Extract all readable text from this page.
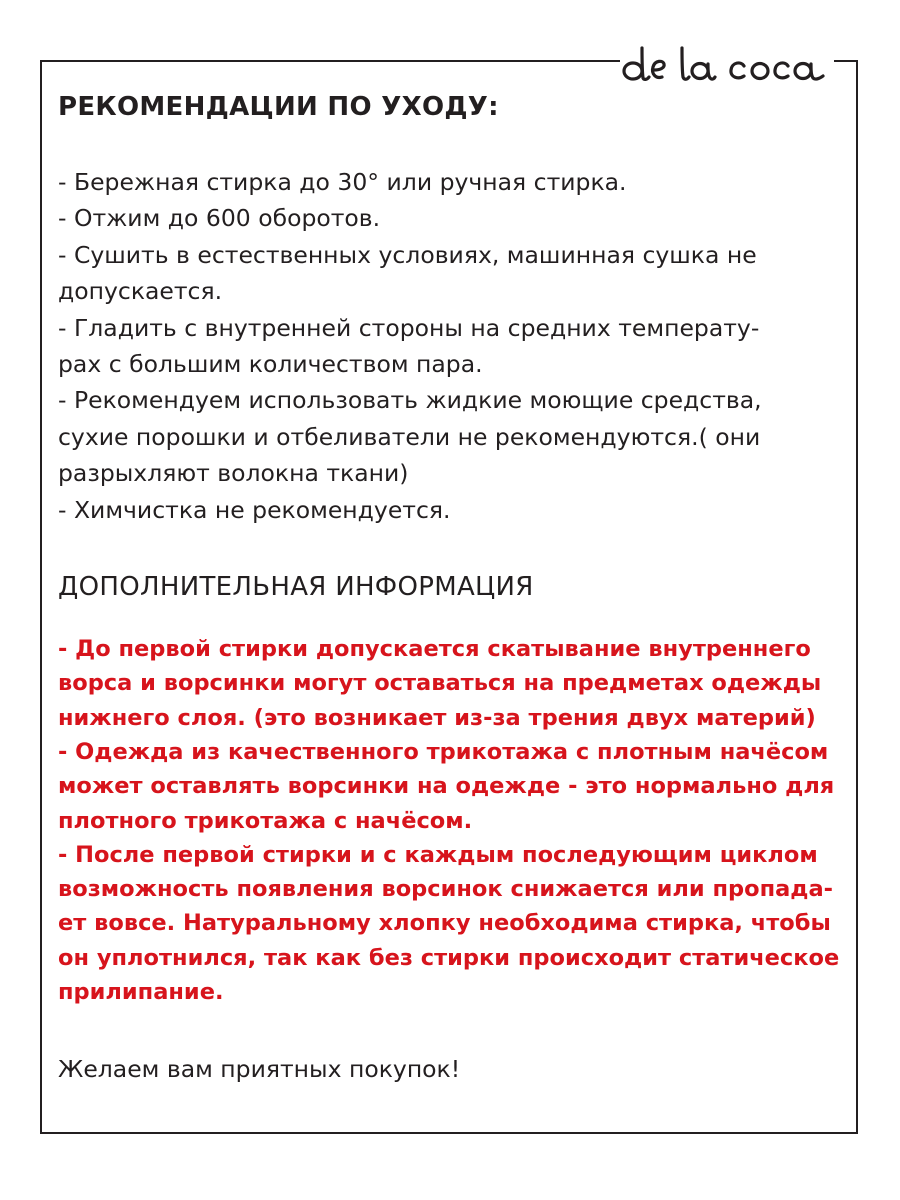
РЕКОМЕНДАЦИИ ПО УХОДУ:
- Бережная стирка до 30° или ручная стирка.
- Отжим до 600 оборотов.
- Сушить в естественных условиях, машинная сушка не
допускается.
- Гладить с внутренней стороны на средних температу-
рах с большим количеством пара.
- Рекомендуем использовать жидкие моющие средства,
сухие порошки и отбеливатели не рекомендуются.( они
разрыхляют волокна ткани)
- Химчистка не рекомендуется.
ДОПОЛНИТЕЛЬНАЯ ИНФОРМАЦИЯ
- До первой стирки допускается скатывание внутреннего
ворса и ворсинки могут оставаться на предметах одежды
нижнего слоя. (это возникает из-за трения двух материй)
- Одежда из качественного трикотажа с плотным начёсом
может оставлять ворсинки на одежде - это нормально для
плотного трикотажа с начёсом.
- После первой стирки и с каждым последующим циклом
возможность появления ворсинок снижается или пропада-
ет вовсе. Натуральному хлопку необходима стирка, чтобы
он уплотнился, так как без стирки происходит статическое
прилипание.

Желаем вам приятных покупок!
